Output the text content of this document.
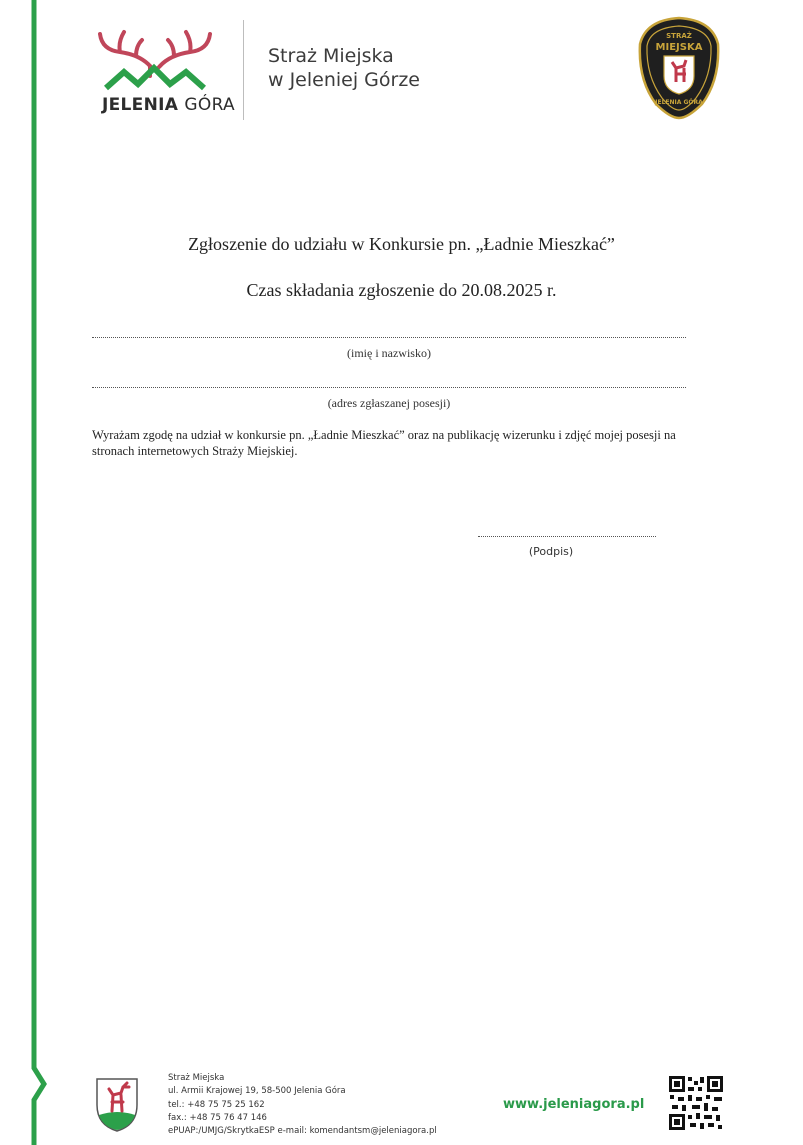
JELENIA GÓRA
Straż Miejska
w Jeleniej Górze
STRAŻ
MIEJSKA
JELENIA GÓRA
Zgłoszenie do udziału w Konkursie pn. „Ładnie Mieszkać”
Czas składania zgłoszenie do 20.08.2025 r.
(imię i nazwisko)
(adres zgłaszanej posesji)
Wyrażam zgodę na udział w konkursie pn. „Ładnie Mieszkać” oraz na publikację wizerunku i zdjęć mojej posesji na stronach internetowych Straży Miejskiej.
(Podpis)
Straż Miejska
ul. Armii Krajowej 19, 58-500 Jelenia Góra
tel.: +48 75 75 25 162
fax.: +48 75 76 47 146
ePUAP:/UMJG/SkrytkaESP e-mail: komendantsm@jeleniagora.pl
www.jeleniagora.pl
